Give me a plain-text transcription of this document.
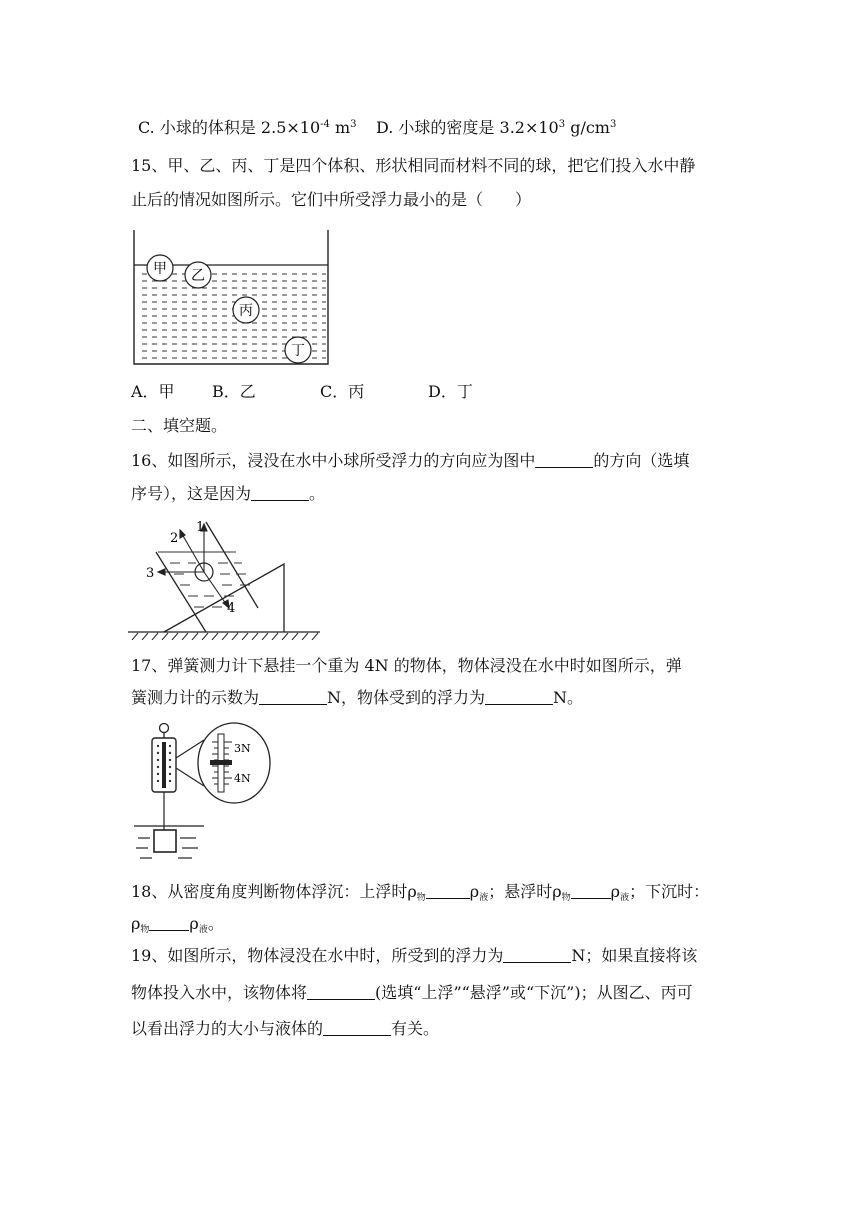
C. 小球的体积是 $2.5\times 10^{-4}$ $m^3$ D. 小球的密度是 $3.2\times 10^3$ $g/cm^3$
15、甲、乙、丙、丁是四个体积、形状相同而材料不同的球，把它们投入水中静
止后的情况如图所示。它们中所受浮力最小的是（　　）
甲 乙
丙
丁
A．甲 B．乙	C．丙	D．丁
二、填空题。
16、如图所示，浸没在水中小球所受浮力的方向应为图中	的方向（选填
序号），这是因为	。
1
2
3
4
17、弹簧测力计下悬挂一个重为 4N 的物体，物体浸没在水中时如图所示，弹
簧测力计的示数为	N，物体受到的浮力为	N。
3N
4N
18、从密度角度判断物体浮沉：上浮时$\rho_物$	$\rho_液$；悬浮时$\rho_物$	$\rho_液$；下沉时：
$\rho_物$	$\rho_液$。
19、如图所示，物体浸没在水中时，所受到的浮力为	N；如果直接将该
物体投入水中，该物体将	(选填“上浮”“悬浮”或“下沉”)；从图乙、丙可
以看出浮力的大小与液体的	有关。
